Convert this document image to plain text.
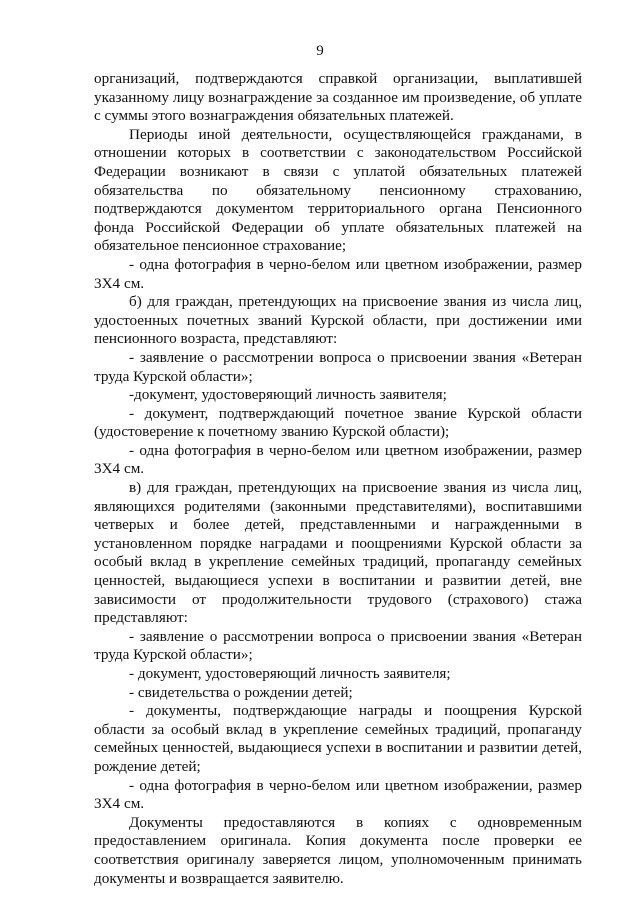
9
организаций, подтверждаются справкой организации, выплатившей
указанному лицу вознаграждение за созданное им произведение, об уплате
с суммы этого вознаграждения обязательных платежей.
Периоды иной деятельности, осуществляющейся гражданами, в
отношении которых в соответствии с законодательством Российской
Федерации возникают в связи с уплатой обязательных платежей
обязательства по обязательному пенсионному страхованию,
подтверждаются документом территориального органа Пенсионного
фонда Российской Федерации об уплате обязательных платежей на
обязательное пенсионное страхование;
- одна фотография в черно-белом или цветном изображении, размер
3Х4 см.
б) для граждан, претендующих на присвоение звания из числа лиц,
удостоенных почетных званий Курской области, при достижении ими
пенсионного возраста, представляют:
- заявление о рассмотрении вопроса о присвоении звания «Ветеран
труда Курской области»;
-документ, удостоверяющий личность заявителя;
- документ, подтверждающий почетное звание Курской области
(удостоверение к почетному званию Курской области);
- одна фотография в черно-белом или цветном изображении, размер
3Х4 см.
в) для граждан, претендующих на присвоение звания из числа лиц,
являющихся родителями (законными представителями), воспитавшими
четверых и более детей, представленными и награжденными в
установленном порядке наградами и поощрениями Курской области за
особый вклад в укрепление семейных традиций, пропаганду семейных
ценностей, выдающиеся успехи в воспитании и развитии детей, вне
зависимости от продолжительности трудового (страхового) стажа
представляют:
- заявление о рассмотрении вопроса о присвоении звания «Ветеран
труда Курской области»;
- документ, удостоверяющий личность заявителя;
- свидетельства о рождении детей;
- документы, подтверждающие награды и поощрения Курской
области за особый вклад в укрепление семейных традиций, пропаганду
семейных ценностей, выдающиеся успехи в воспитании и развитии детей,
рождение детей;
- одна фотография в черно-белом или цветном изображении, размер
3Х4 см.
Документы предоставляются в копиях с одновременным
предоставлением оригинала. Копия документа после проверки ее
соответствия оригиналу заверяется лицом, уполномоченным принимать
документы и возвращается заявителю.
